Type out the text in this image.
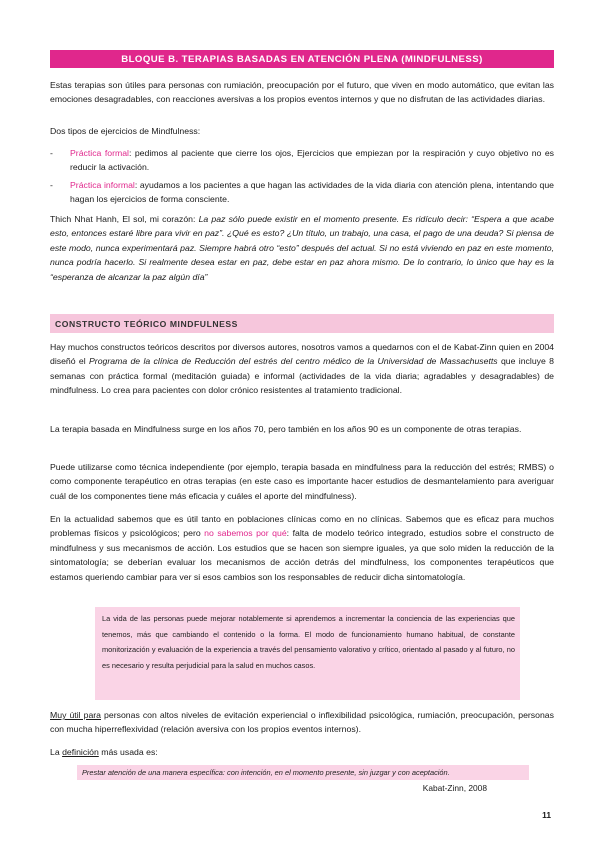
BLOQUE B. TERAPIAS BASADAS EN ATENCIÓN PLENA (MINDFULNESS)

Estas terapias son útiles para personas con rumiación, preocupación por el futuro, que viven en modo automático, que evitan las emociones desagradables, con reacciones aversivas a los propios eventos internos y que no disfrutan de las actividades diarias.

Dos tipos de ejercicios de Mindfulness:

- Práctica formal: pedimos al paciente que cierre los ojos, Ejercicios que empiezan por la respiración y cuyo objetivo no es reducir la activación.
- Práctica informal: ayudamos a los pacientes a que hagan las actividades de la vida diaria con atención plena, intentando que hagan los ejercicios de forma consciente.

Thich Nhat Hanh, El sol, mi corazón: La paz sólo puede existir en el momento presente. Es ridículo decir: “Espera a que acabe esto, entonces estaré libre para vivir en paz”. ¿Qué es esto? ¿Un título, un trabajo, una casa, el pago de una deuda? Si piensa de este modo, nunca experimentará paz. Siempre habrá otro “esto” después del actual. Si no está viviendo en paz en este momento, nunca podría hacerlo. Si realmente desea estar en paz, debe estar en paz ahora mismo. De lo contrario, lo único que hay es la “esperanza de alcanzar la paz algún día”

CONSTRUCTO TEÓRICO MINDFULNESS

Hay muchos constructos teóricos descritos por diversos autores, nosotros vamos a quedarnos con el de Kabat-Zinn quien en 2004 diseñó el Programa de la clínica de Reducción del estrés del centro médico de la Universidad de Massachusetts que incluye 8 semanas con práctica formal (meditación guiada) e informal (actividades de la vida diaria; agradables y desagradables) de mindfulness. Lo crea para pacientes con dolor crónico resistentes al tratamiento tradicional.

La terapia basada en Mindfulness surge en los años 70, pero también en los años 90 es un componente de otras terapias.

Puede utilizarse como técnica independiente (por ejemplo, terapia basada en mindfulness para la reducción del estrés; RMBS) o como componente terapéutico en otras terapias (en este caso es importante hacer estudios de desmantelamiento para averiguar cuál de los componentes tiene más eficacia y cuáles el aporte del mindfulness).

En la actualidad sabemos que es útil tanto en poblaciones clínicas como en no clínicas. Sabemos que es eficaz para muchos problemas físicos y psicológicos; pero no sabemos por qué: falta de modelo teórico integrado, estudios sobre el constructo de mindfulness y sus mecanismos de acción. Los estudios que se hacen son siempre iguales, ya que solo miden la reducción de la sintomatología; se deberían evaluar los mecanismos de acción detrás del mindfulness, los componentes terapéuticos que estamos queriendo cambiar para ver si esos cambios son los responsables de reducir dicha sintomatología.

La vida de las personas puede mejorar notablemente si aprendemos a incrementar la conciencia de las experiencias que tenemos, más que cambiando el contenido o la forma. El modo de funcionamiento humano habitual, de constante monitorización y evaluación de la experiencia a través del pensamiento valorativo y crítico, orientado al pasado y al futuro, no es necesario y resulta perjudicial para la salud en muchos casos.

Muy útil para personas con altos niveles de evitación experiencial o inflexibilidad psicológica, rumiación, preocupación, personas con mucha hiperreflexividad (relación aversiva con los propios eventos internos).

La definición más usada es:

Prestar atención de una manera específica: con intención, en el momento presente, sin juzgar y con aceptación.
Kabat-Zinn, 2008
11
